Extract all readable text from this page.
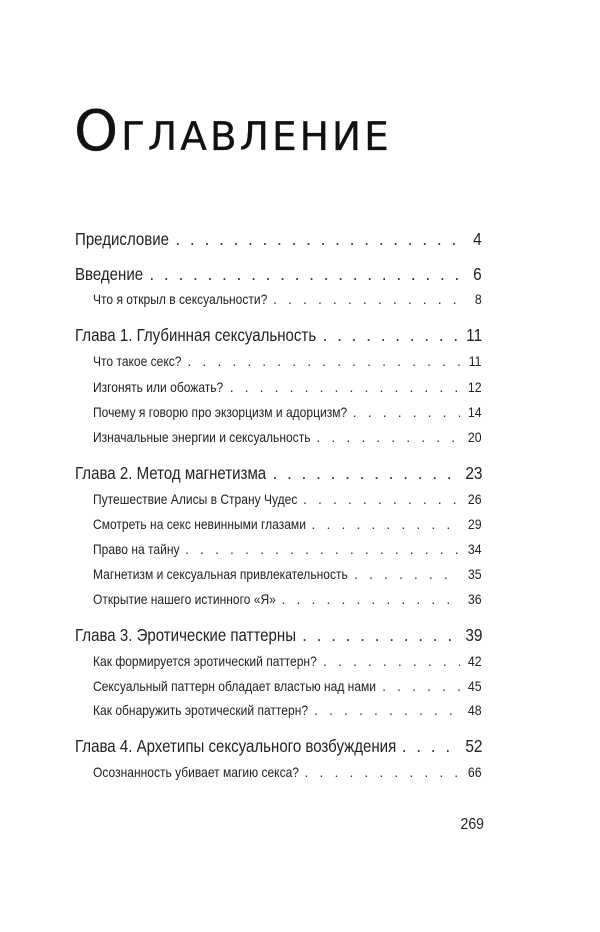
Оглавление
Предисловие . . .	4
Введение . . .	6
Что я открыл в сексуальности? . . .	8
Глава 1. Глубинная сексуальность . . .	11
Что такое секс? . . .	11
Изгонять или обожать? . . .	12
Почему я говорю про экзорцизм и адорцизм? . . .	14
Изначальные энергии и сексуальность . . .	20
Глава 2. Метод магнетизма . . .	23
Путешествие Алисы в Страну Чудес . . .	26
Смотреть на секс невинными глазами . . .	29
Право на тайну . . .	34
Магнетизм и сексуальная привлекательность . . .	35
Открытие нашего истинного «Я» . . .	36
Глава 3. Эротические паттерны . . .	39
Как формируется эротический паттерн? . . .	42
Сексуальный паттерн обладает властью над нами . . .	45
Как обнаружить эротический паттерн? . . .	48
Глава 4. Архетипы сексуального возбуждения . . .	52
Осознанность убивает магию секса? . . .	66
269
